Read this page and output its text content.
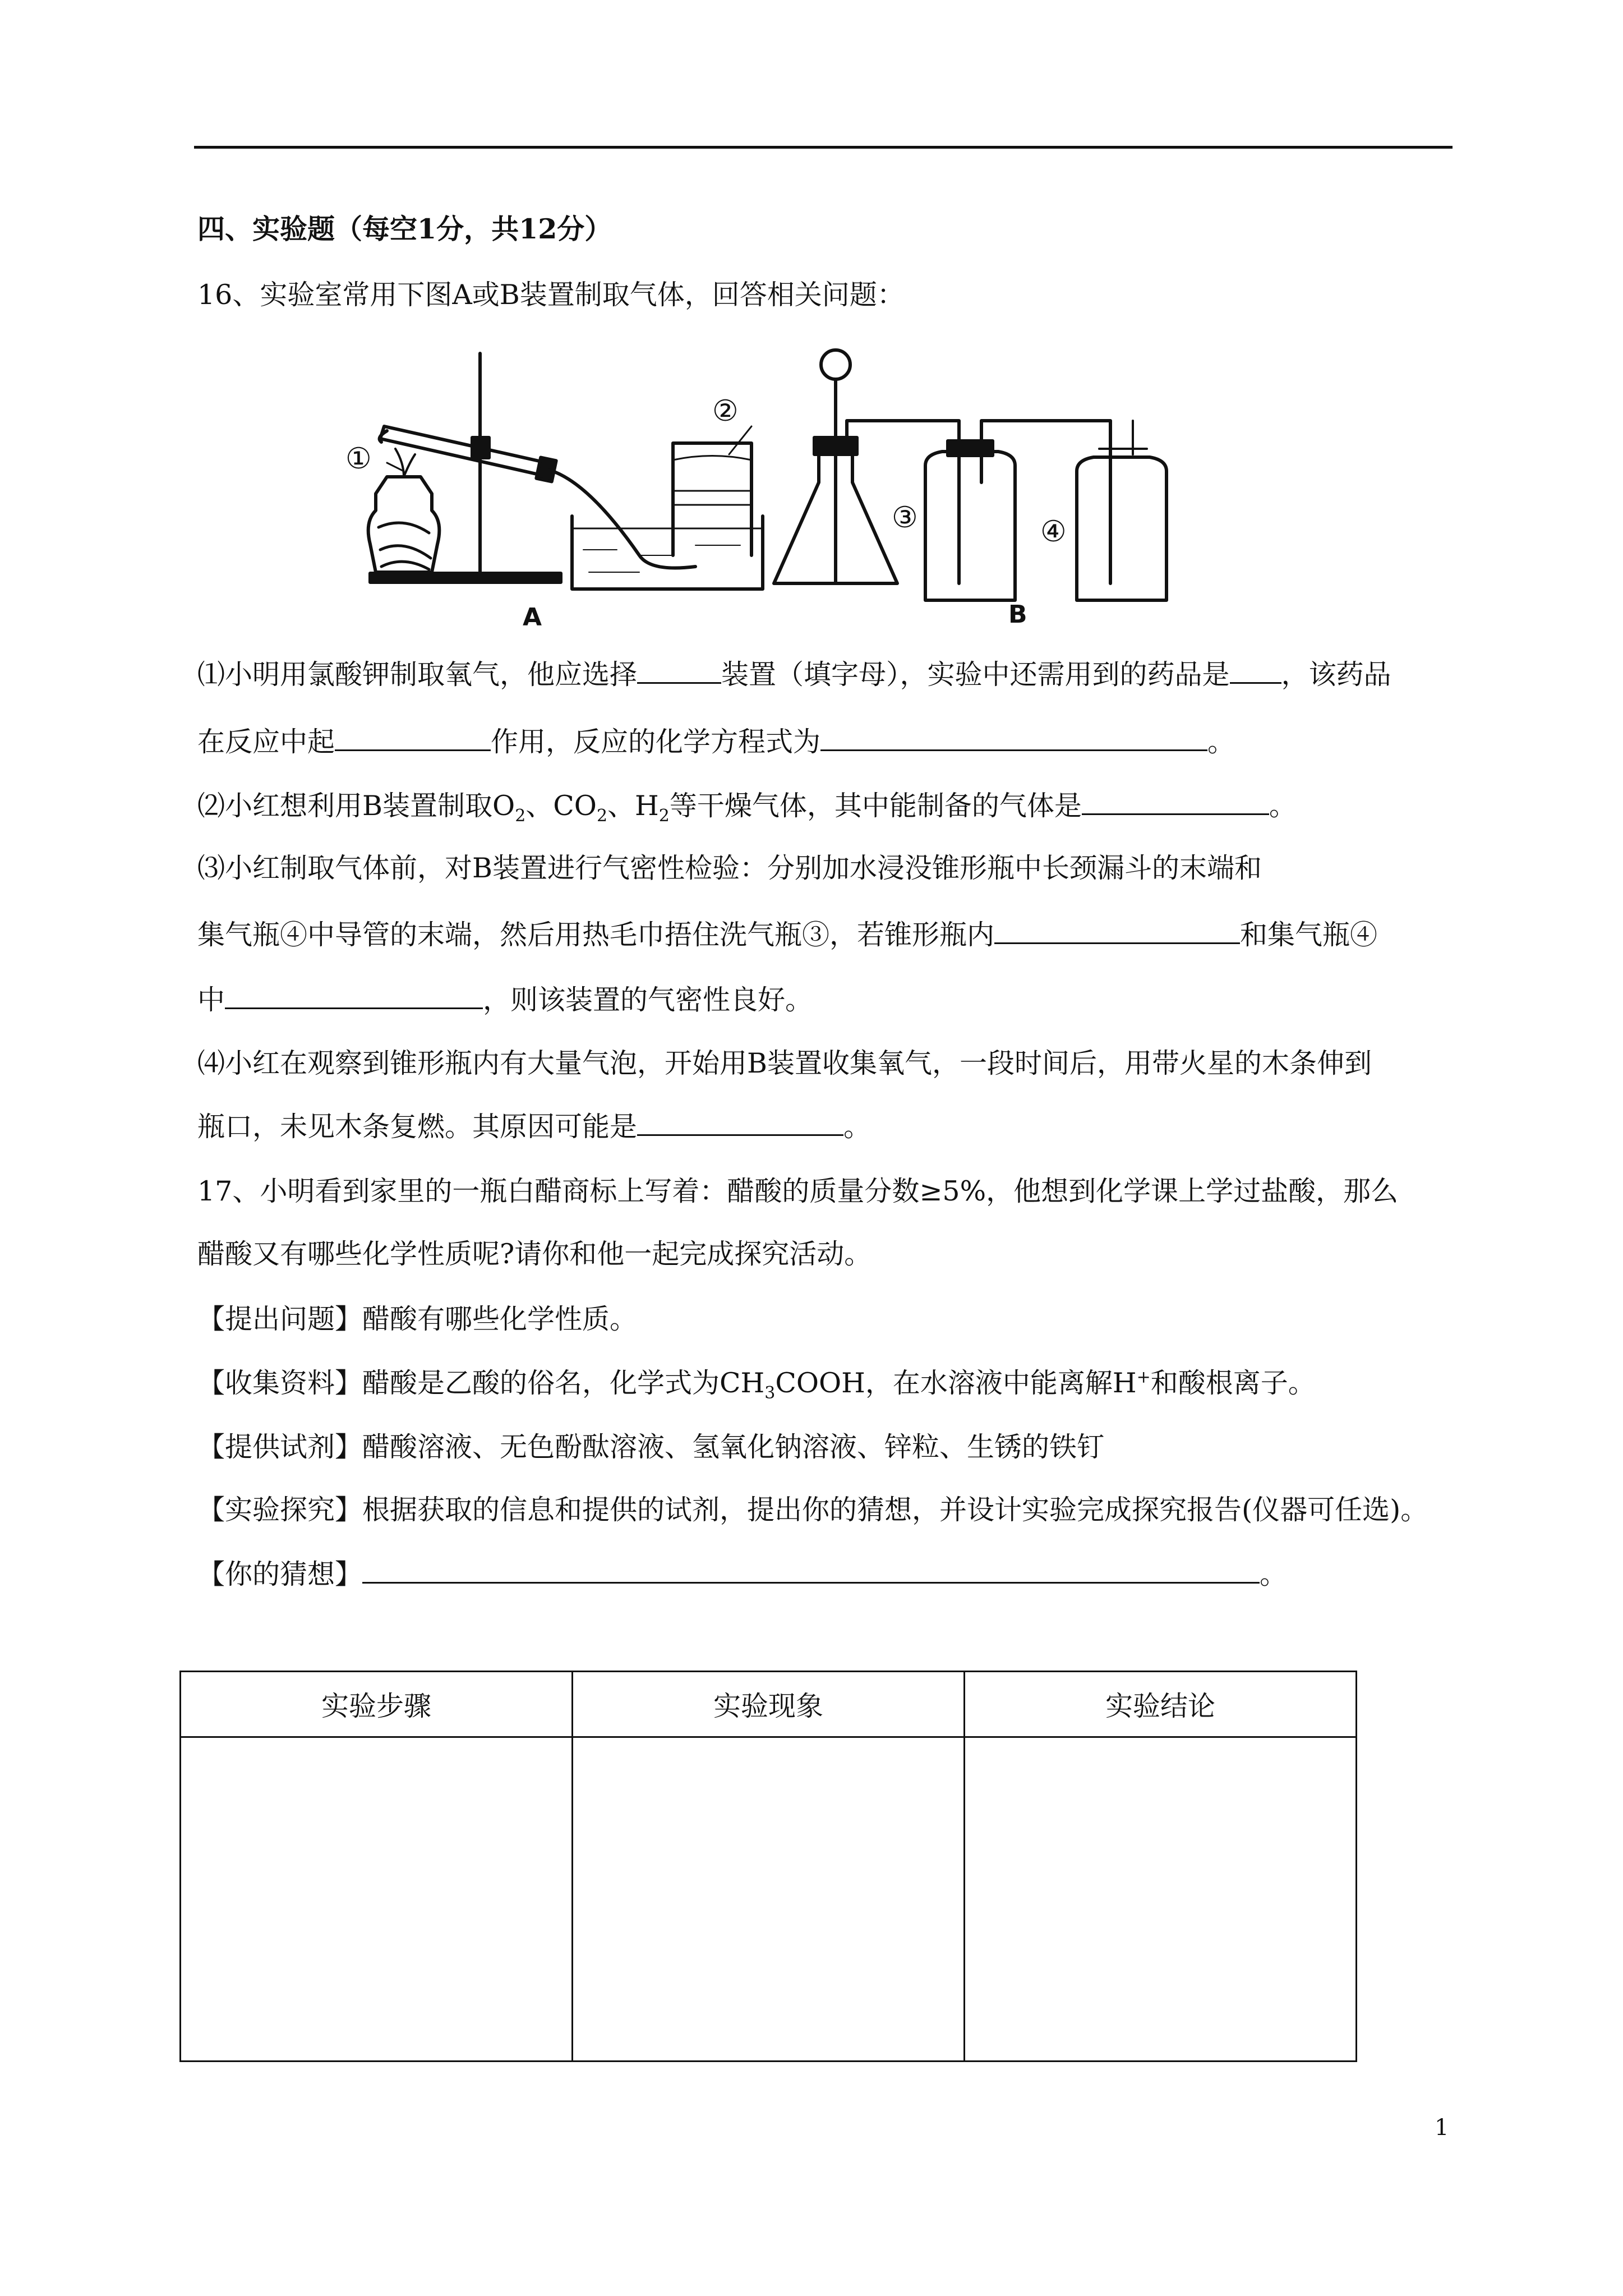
四、实验题（每空1分，共12分）
16、实验室常用下图A或B装置制取气体，回答相关问题：
①
②
③	④
A	B
⑴小明用氯酸钾制取氧气，他应选择	装置（填字母），实验中还需用到的药品是 ，该药品
在反应中起	作用，反应的化学方程式为	。
⑵小红想利用B装置制取$O_2$、$CO_2$、$H_2$等干燥气体，其中能制备的气体是	。
⑶小红制取气体前，对B装置进行气密性检验：分别加水浸没锥形瓶中长颈漏斗的末端和
集气瓶④中导管的末端，然后用热毛巾捂住洗气瓶③，若锥形瓶内	和集气瓶④
中	，则该装置的气密性良好。
⑷小红在观察到锥形瓶内有大量气泡，开始用B装置收集氧气，一段时间后，用带火星的木条伸到
瓶口，未见木条复燃。其原因可能是	。
17、小明看到家里的一瓶白醋商标上写着：醋酸的质量分数≥5%，他想到化学课上学过盐酸，那么
醋酸又有哪些化学性质呢?请你和他一起完成探究活动。
【提出问题】醋酸有哪些化学性质。
【收集资料】醋酸是乙酸的俗名，化学式为$CH_3COOH$，在水溶液中能离解H+和酸根离子。
【提供试剂】醋酸溶液、无色酚酞溶液、氢氧化钠溶液、锌粒、生锈的铁钉
【实验探究】根据获取的信息和提供的试剂，提出你的猜想，并设计实验完成探究报告(仪器可任选)。
【你的猜想】	。
实验步骤	实验现象	实验结论

1
